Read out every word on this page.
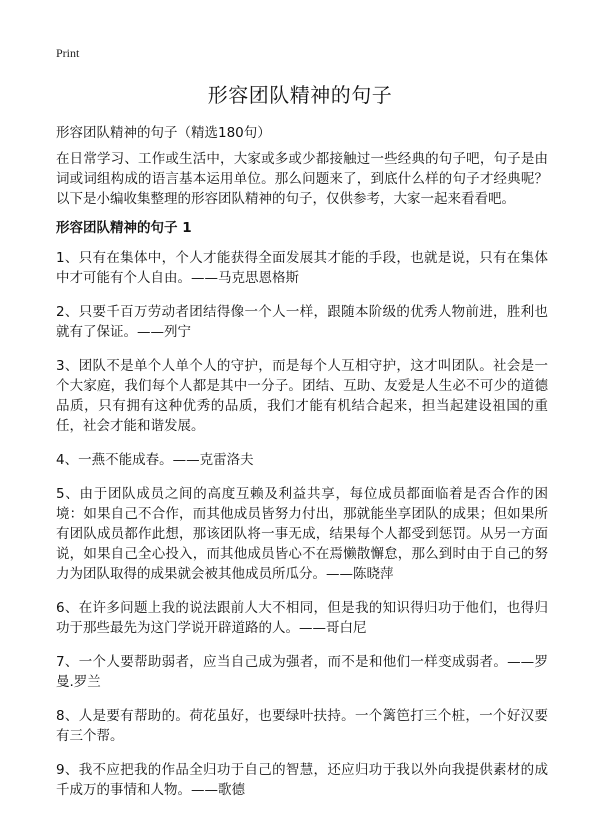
Print
形容团队精神的句子

形容团队精神的句子（精选180句）

在日常学习、工作或生活中，大家或多或少都接触过一些经典的句子吧，句子是由词或词组构成的语言基本运用单位。那么问题来了，到底什么样的句子才经典呢？以下是小编收集整理的形容团队精神的句子，仅供参考，大家一起来看看吧。

形容团队精神的句子 1
1、只有在集体中，个人才能获得全面发展其才能的手段，也就是说，只有在集体中才可能有个人自由。——马克思恩格斯
2、只要千百万劳动者团结得像一个人一样，跟随本阶级的优秀人物前进，胜利也就有了保证。——列宁
3、团队不是单个人单个人的守护，而是每个人互相守护，这才叫团队。社会是一个大家庭，我们每个人都是其中一分子。团结、互助、友爱是人生必不可少的道德品质，只有拥有这种优秀的品质，我们才能有机结合起来，担当起建设祖国的重任，社会才能和谐发展。
4、一燕不能成春。——克雷洛夫
5、由于团队成员之间的高度互赖及利益共享，每位成员都面临着是否合作的困境：如果自己不合作，而其他成员皆努力付出，那就能坐享团队的成果；但如果所有团队成员都作此想，那该团队将一事无成，结果每个人都受到惩罚。从另一方面说，如果自己全心投入，而其他成员皆心不在焉懒散懈怠，那么到时由于自己的努力为团队取得的成果就会被其他成员所瓜分。——陈晓萍
6、在许多问题上我的说法跟前人大不相同，但是我的知识得归功于他们，也得归功于那些最先为这门学说开辟道路的人。——哥白尼
7、一个人要帮助弱者，应当自己成为强者，而不是和他们一样变成弱者。——罗曼.罗兰
8、人是要有帮助的。荷花虽好，也要绿叶扶持。一个篱笆打三个桩，一个好汉要有三个帮。
9、我不应把我的作品全归功于自己的智慧，还应归功于我以外向我提供素材的成千成万的事情和人物。——歌德
